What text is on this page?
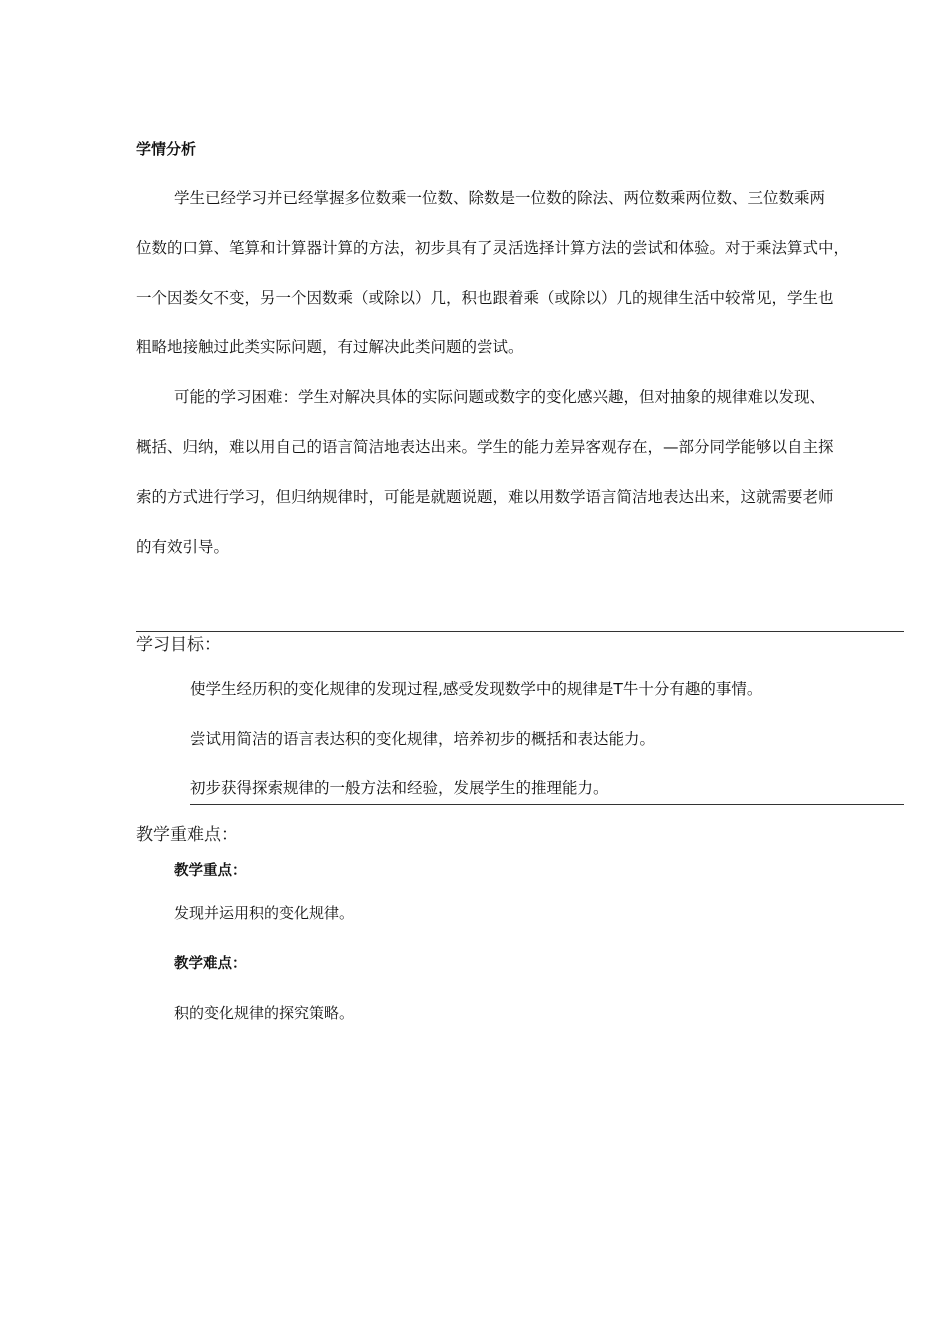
学情分析
学生已经学习并已经掌握多位数乘一位数、除数是一位数的除法、两位数乘两位数、三位数乘两
位数的口算、笔算和计算器计算的方法，初步具有了灵活选择计算方法的尝试和体验。对于乘法算式中，
一个因娄攵不变，另一个因数乘（或除以）几，积也跟着乘（或除以）几的规律生活中较常见，学生也
粗略地接触过此类实际问题，有过解决此类问题的尝试。
可能的学习困难：学生对解决具体的实际问题或数字的变化感兴趣，但对抽象的规律难以发现、
概括、归纳，难以用自己的语言简洁地表达出来。学生的能力差异客观存在，—部分同学能够以自主探
索的方式进行学习，但归纳规律时，可能是就题说题，难以用数学语言简洁地表达出来，这就需要老师
的有效引导。
学习目标：
使学生经历积的变化规律的发现过程,感受发现数学中的规律是T牛十分有趣的事情。
尝试用简洁的语言表达积的变化规律，培养初步的概括和表达能力。
初步获得探索规律的一般方法和经验，发展学生的推理能力。
教学重难点：
教学重点：
发现并运用积的变化规律。
教学难点：
积的变化规律的探究策略。
